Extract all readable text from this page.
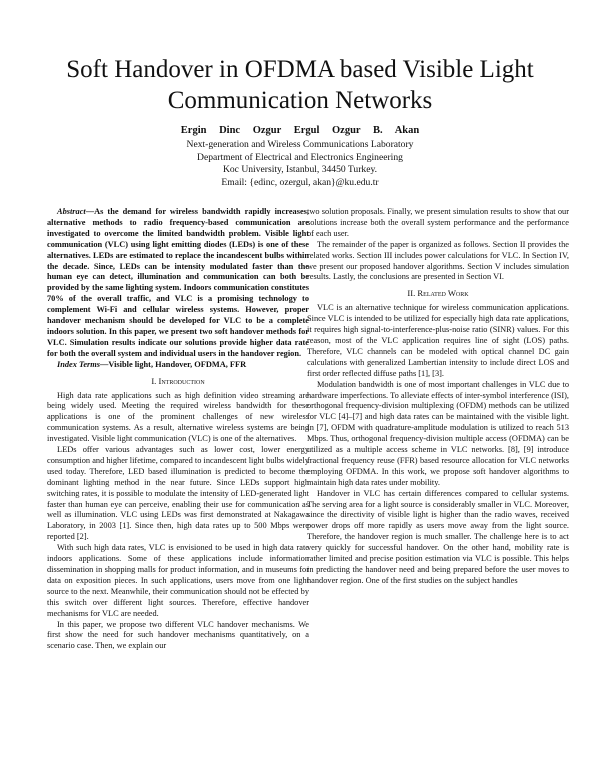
Soft Handover in OFDMA based Visible Light Communication Networks
Ergin Dinc Ozgur Ergul Ozgur B. Akan
Next-generation and Wireless Communications Laboratory
Department of Electrical and Electronics Engineering
Koc University, Istanbul, 34450 Turkey.
Email: {edinc, ozergul, akan}@ku.edu.tr

Abstract—As the demand for wireless bandwidth rapidly increases, alternative methods to radio frequency-based communication are investigated to overcome the limited bandwidth problem. Visible light communication (VLC) using light emitting diodes (LEDs) is one of these alternatives. LEDs are estimated to replace the incandescent bulbs within the decade. Since, LEDs can be intensity modulated faster than the human eye can detect, illumination and communication can both be provided by the same lighting system. Indoors communication constitutes 70% of the overall traffic, and VLC is a promising technology to complement Wi-Fi and cellular wireless systems. However, proper handover mechanism should be developed for VLC to be a complete indoors solution. In this paper, we present two soft handover methods for VLC. Simulation results indicate our solutions provide higher data rate for both the overall system and individual users in the handover region.

Index Terms—Visible light, Handover, OFDMA, FFR

I. Introduction

High data rate applications such as high definition video streaming are being widely used. Meeting the required wireless bandwidth for these applications is one of the prominent challenges of new wireless communication systems. As a result, alternative wireless systems are being investigated. Visible light communication (VLC) is one of the alternatives.

LEDs offer various advantages such as lower cost, lower energy consumption and higher lifetime, compared to incandescent light bulbs widely used today. Therefore, LED based illumination is predicted to become the dominant lighting method in the near future. Since LEDs support high switching rates, it is possible to modulate the intensity of LED-generated light faster than human eye can perceive, enabling their use for communication as well as illumination. VLC using LEDs was first demonstrated at Nakagawa Laboratory, in 2003 [1]. Since then, high data rates up to 500 Mbps were reported [2].

With such high data rates, VLC is envisioned to be used in high data rate indoors applications. Some of these applications include information dissemination in shopping malls for product information, and in museums for data on exposition pieces. In such applications, users move from one light source to the next. Meanwhile, their communication should not be effected by this switch over different light sources. Therefore, effective handover mechanisms for VLC are needed.

In this paper, we propose two different VLC handover mechanisms. We first show the need for such handover mechanisms quantitatively, on a scenario case. Then, we explain our

two solution proposals. Finally, we present simulation results to show that our solutions increase both the overall system performance and the performance of each user.

The remainder of the paper is organized as follows. Section II provides the related works. Section III includes power calculations for VLC. In Section IV, we present our proposed handover algorithms. Section V includes simulation results. Lastly, the conclusions are presented in Section VI.

II. Related Work

VLC is an alternative technique for wireless communication applications. Since VLC is intended to be utilized for especially high data rate applications, it requires high signal-to-interference-plus-noise ratio (SINR) values. For this reason, most of the VLC application requires line of sight (LOS) paths. Therefore, VLC channels can be modeled with optical channel DC gain calculations with generalized Lambertian intensity to include direct LOS and first order reflected diffuse paths [1], [3].

Modulation bandwidth is one of most important challenges in VLC due to hardware imperfections. To alleviate effects of inter-symbol interference (ISI), orthogonal frequency-division multiplexing (OFDM) methods can be utilized for VLC [4]–[7] and high data rates can be maintained with the visible light. In [7], OFDM with quadrature-amplitude modulation is utilized to reach 513 Mbps. Thus, orthogonal frequency-division multiple access (OFDMA) can be utilized as a multiple access scheme in VLC networks. [8], [9] introduce fractional frequency reuse (FFR) based resource allocation for VLC networks employing OFDMA. In this work, we propose soft handover algorithms to maintain high data rates under mobility.

Handover in VLC has certain differences compared to cellular systems. The serving area for a light source is considerably smaller in VLC. Moreover, since the directivity of visible light is higher than the radio waves, received power drops off more rapidly as users move away from the light source. Therefore, the handover region is much smaller. The challenge here is to act very quickly for successful handover. On the other hand, mobility rate is rather limited and precise position estimation via VLC is possible. This helps in predicting the handover need and being prepared before the user moves to handover region. One of the first studies on the subject handles
